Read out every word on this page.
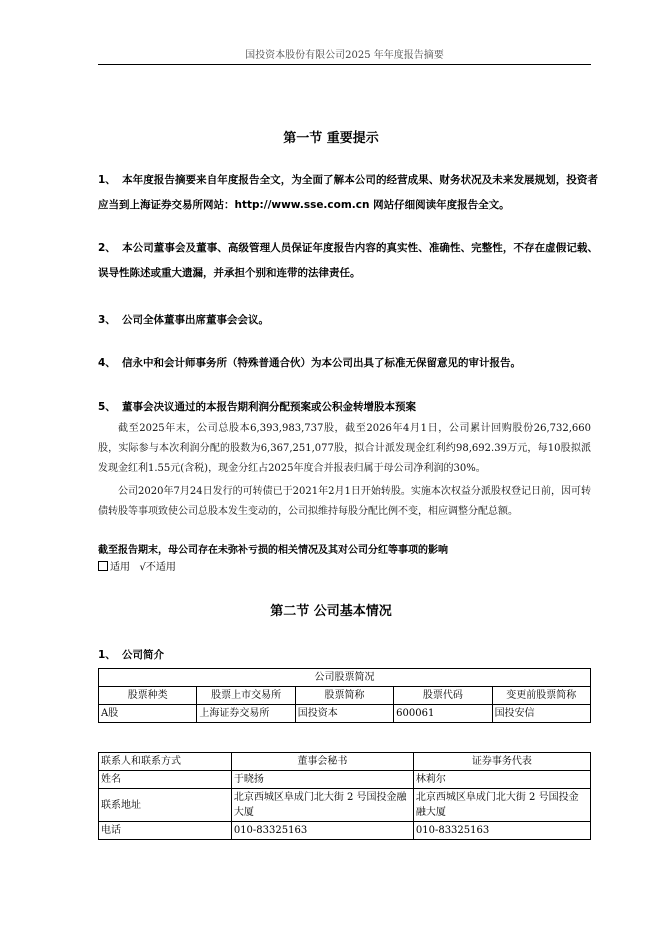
国投资本股份有限公司2025 年年度报告摘要
第一节 重要提示
1、 本年度报告摘要来自年度报告全文，为全面了解本公司的经营成果、财务状况及未来发展规划，投资者应当到上海证券交易所网站：http://www.sse.com.cn 网站仔细阅读年度报告全文。
2、 本公司董事会及董事、高级管理人员保证年度报告内容的真实性、准确性、完整性，不存在虚假记载、误导性陈述或重大遗漏，并承担个别和连带的法律责任。
3、 公司全体董事出席董事会会议。
4、 信永中和会计师事务所（特殊普通合伙）为本公司出具了标准无保留意见的审计报告。
5、 董事会决议通过的本报告期利润分配预案或公积金转增股本预案
截至2025年末，公司总股本6,393,983,737股，截至2026年4月1日，公司累计回购股份26,732,660股，实际参与本次利润分配的股数为6,367,251,077股，拟合计派发现金红利约98,692.39万元，每10股拟派发现金红利1.55元(含税)，现金分红占2025年度合并报表归属于母公司净利润的30%。
公司2020年7月24日发行的可转债已于2021年2月1日开始转股。实施本次权益分派股权登记日前，因可转债转股等事项致使公司总股本发生变动的，公司拟维持每股分配比例不变，相应调整分配总额。
截至报告期末，母公司存在未弥补亏损的相关情况及其对公司分红等事项的影响
适用 √不适用
第二节 公司基本情况
1、 公司简介
公司股票简况				
股票种类	股票上市交易所	股票简称	股票代码	变更前股票简称
A股	上海证券交易所	国投资本	600061	国投安信
联系人和联系方式	董事会秘书	证券事务代表
姓名	于晓扬	林莉尔
联系地址	北京西城区阜成门北大街 2 号国投金融大厦	北京西城区阜成门北大街 2 号国投金融大厦
电话	010-83325163	010-83325163
